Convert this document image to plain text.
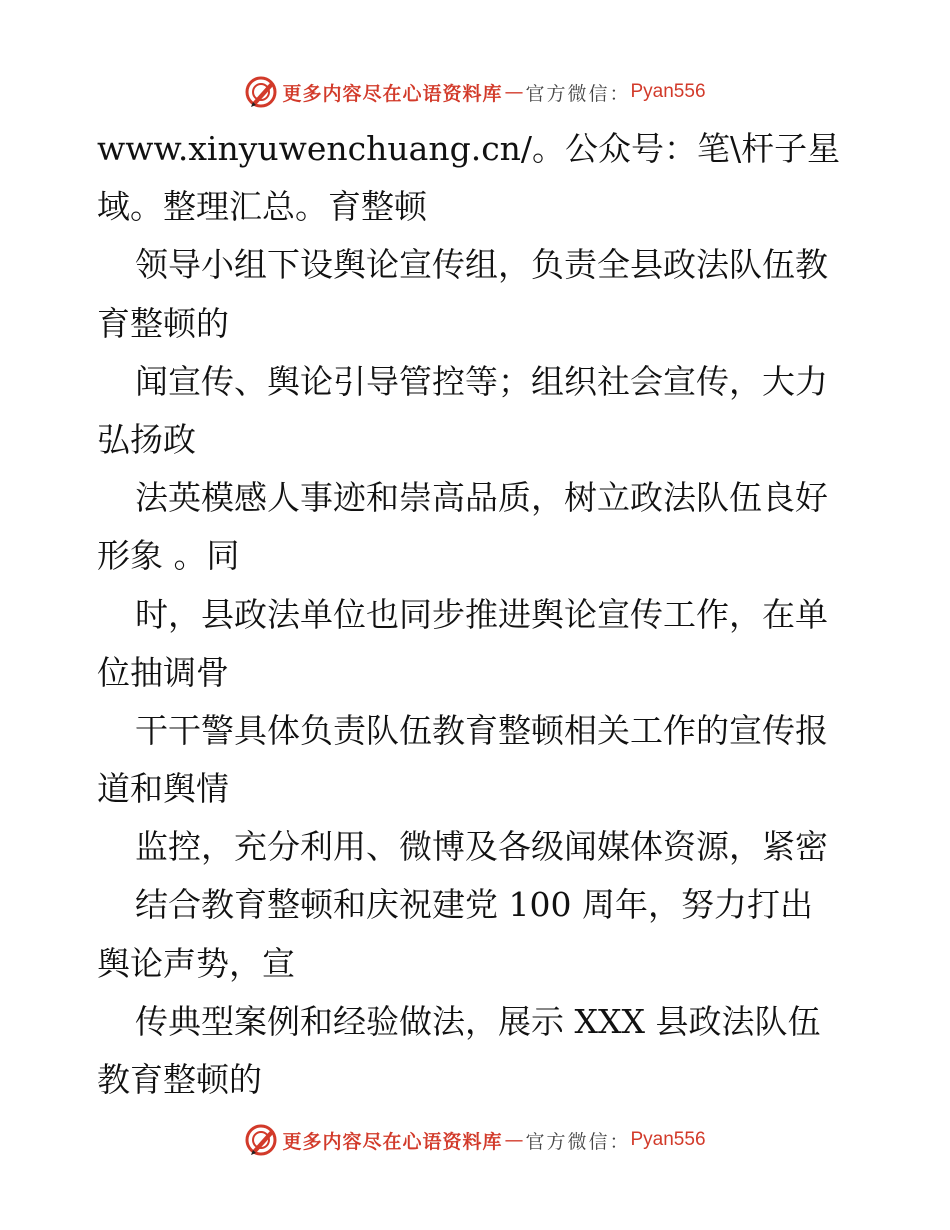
更多内容尽在心语资料库 — 官方微信： Pyan556
www.xinyuwenchuang.cn/。公众号：笔\杆子星
域。整理汇总。育整顿
领导小组下设舆论宣传组，负责全县政法队伍教
育整顿的
闻宣传、舆论引导管控等；组织社会宣传，大力
弘扬政
法英模感人事迹和崇高品质，树立政法队伍良好
形象 。同
时，县政法单位也同步推进舆论宣传工作，在单
位抽调骨
干干警具体负责队伍教育整顿相关工作的宣传报
道和舆情
监控，充分利用、微博及各级闻媒体资源，紧密
结合教育整顿和庆祝建党 100 周年，努力打出
舆论声势，宣
传典型案例和经验做法，展示 XXX 县政法队伍
教育整顿的
更多内容尽在心语资料库 — 官方微信： Pyan556
